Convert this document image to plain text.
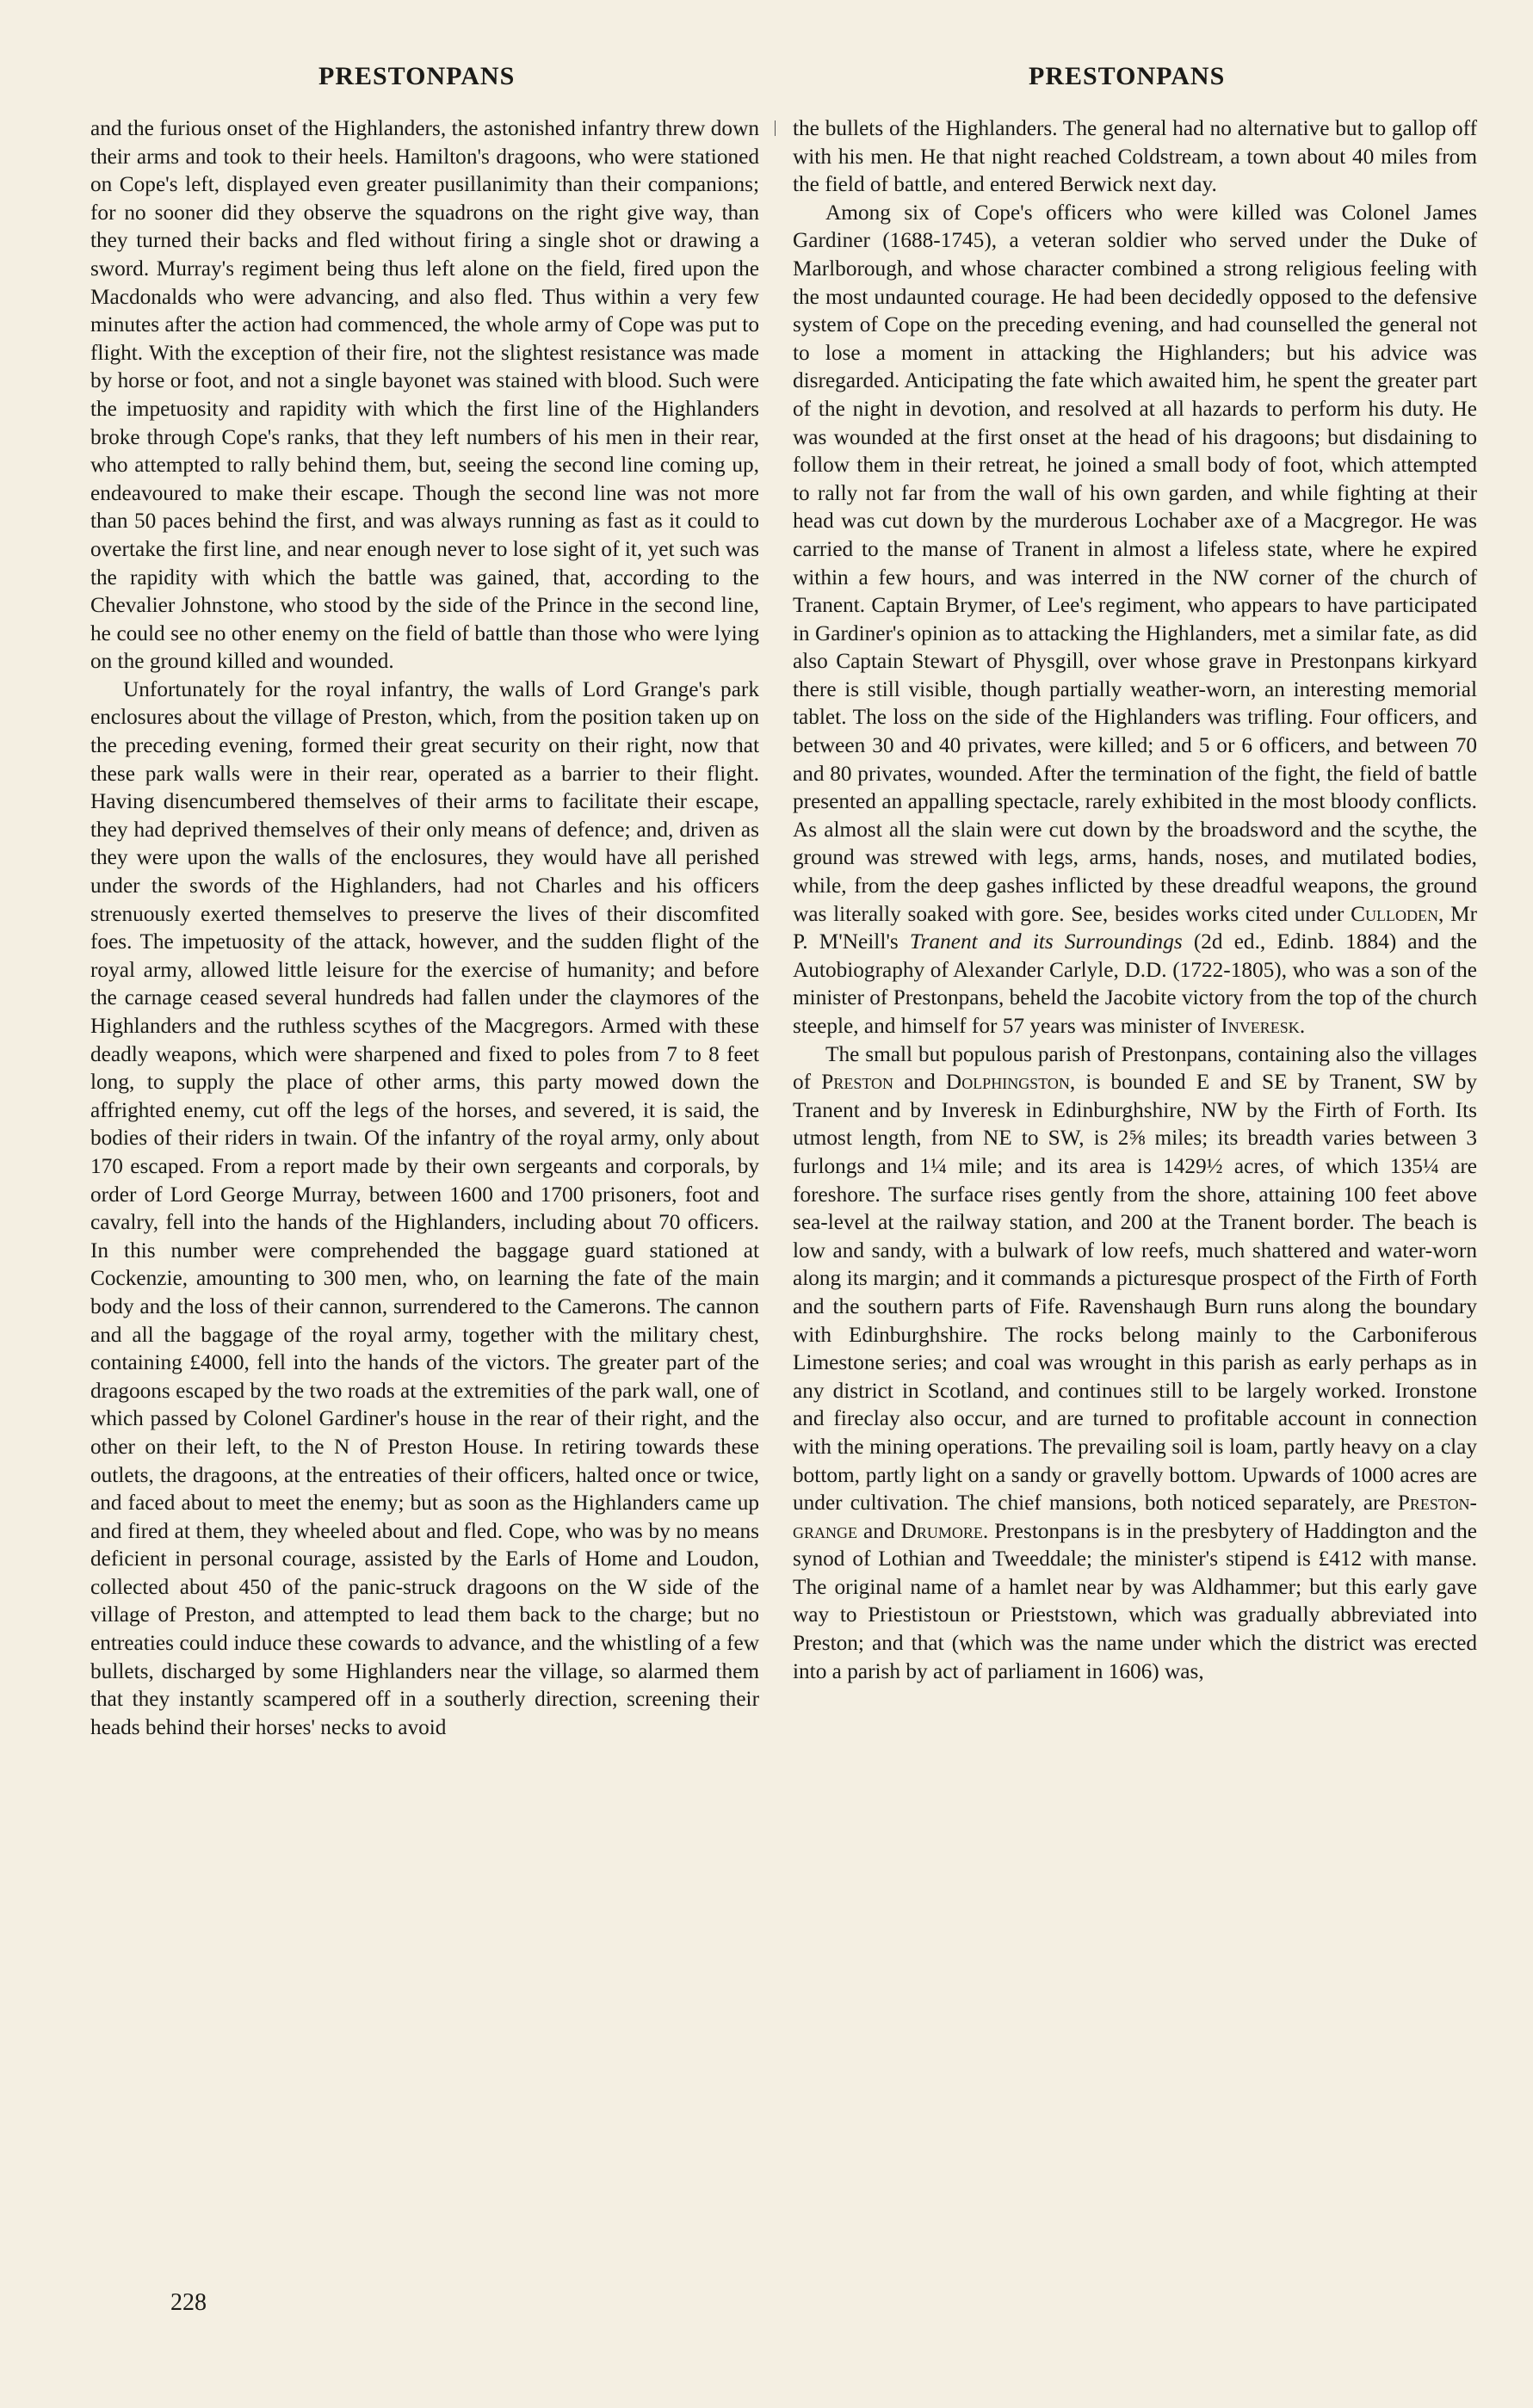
PRESTONPANS	PRESTONPANS

and the furious onset of the Highlanders, the astonished infantry threw down their arms and took to their heels. Hamilton's dragoons, who were stationed on Cope's left, displayed even greater pusillanimity than their companions; for no sooner did they observe the squadrons on the right give way, than they turned their backs and fled without firing a single shot or drawing a sword. Murray's regiment being thus left alone on the field, fired upon the Macdonalds who were advancing, and also fled. Thus within a very few minutes after the action had commenced, the whole army of Cope was put to flight. With the exception of their fire, not the slightest resistance was made by horse or foot, and not a single bayonet was stained with blood. Such were the impetuosity and rapidity with which the first line of the Highlanders broke through Cope's ranks, that they left numbers of his men in their rear, who attempted to rally behind them, but, seeing the second line coming up, endeavoured to make their escape. Though the second line was not more than 50 paces behind the first, and was always running as fast as it could to overtake the first line, and near enough never to lose sight of it, yet such was the rapidity with which the battle was gained, that, according to the Chevalier Johnstone, who stood by the side of the Prince in the second line, he could see no other enemy on the field of battle than those who were lying on the ground killed and wounded.

Unfortunately for the royal infantry, the walls of Lord Grange's park enclosures about the village of Preston, which, from the position taken up on the preceding evening, formed their great security on their right, now that these park walls were in their rear, operated as a barrier to their flight. Having disencumbered themselves of their arms to facilitate their escape, they had deprived themselves of their only means of defence; and, driven as they were upon the walls of the enclosures, they would have all perished under the swords of the Highlanders, had not Charles and his officers strenuously exerted themselves to preserve the lives of their discomfited foes. The impetuosity of the attack, however, and the sudden flight of the royal army, allowed little leisure for the exercise of humanity; and before the carnage ceased several hundreds had fallen under the claymores of the Highlanders and the ruthless scythes of the Macgregors. Armed with these deadly weapons, which were sharpened and fixed to poles from 7 to 8 feet long, to supply the place of other arms, this party mowed down the affrighted enemy, cut off the legs of the horses, and severed, it is said, the bodies of their riders in twain. Of the infantry of the royal army, only about 170 escaped. From a report made by their own sergeants and corporals, by order of Lord George Murray, between 1600 and 1700 prisoners, foot and cavalry, fell into the hands of the Highlanders, including about 70 officers. In this number were comprehended the baggage guard stationed at Cockenzie, amounting to 300 men, who, on learning the fate of the main body and the loss of their cannon, surrendered to the Camerons. The cannon and all the baggage of the royal army, together with the military chest, containing £4000, fell into the hands of the victors. The greater part of the dragoons escaped by the two roads at the extremities of the park wall, one of which passed by Colonel Gardiner's house in the rear of their right, and the other on their left, to the N of Preston House. In retiring towards these outlets, the dragoons, at the entreaties of their officers, halted once or twice, and faced about to meet the enemy; but as soon as the Highlanders came up and fired at them, they wheeled about and fled. Cope, who was by no means deficient in personal courage, assisted by the Earls of Home and Loudon, collected about 450 of the panic-struck dragoons on the W side of the village of Preston, and attempted to lead them back to the charge; but no entreaties could induce these cowards to advance, and the whistling of a few bullets, discharged by some Highlanders near the village, so alarmed them that they instantly scampered off in a southerly direction, screening their heads behind their horses' necks to avoid

the bullets of the Highlanders. The general had no alternative but to gallop off with his men. He that night reached Coldstream, a town about 40 miles from the field of battle, and entered Berwick next day.

Among six of Cope's officers who were killed was Colonel James Gardiner (1688-1745), a veteran soldier who served under the Duke of Marlborough, and whose character combined a strong religious feeling with the most undaunted courage. He had been decidedly opposed to the defensive system of Cope on the preceding evening, and had counselled the general not to lose a moment in attacking the Highlanders; but his advice was disregarded. Anticipating the fate which awaited him, he spent the greater part of the night in devotion, and resolved at all hazards to perform his duty. He was wounded at the first onset at the head of his dragoons; but disdaining to follow them in their retreat, he joined a small body of foot, which attempted to rally not far from the wall of his own garden, and while fighting at their head was cut down by the murderous Lochaber axe of a Macgregor. He was carried to the manse of Tranent in almost a lifeless state, where he expired within a few hours, and was interred in the NW corner of the church of Tranent. Captain Brymer, of Lee's regiment, who appears to have participated in Gardiner's opinion as to attacking the Highlanders, met a similar fate, as did also Captain Stewart of Physgill, over whose grave in Prestonpans kirkyard there is still visible, though partially weather-worn, an interesting memorial tablet. The loss on the side of the Highlanders was trifling. Four officers, and between 30 and 40 privates, were killed; and 5 or 6 officers, and between 70 and 80 privates, wounded. After the termination of the fight, the field of battle presented an appalling spectacle, rarely exhibited in the most bloody conflicts. As almost all the slain were cut down by the broadsword and the scythe, the ground was strewed with legs, arms, hands, noses, and mutilated bodies, while, from the deep gashes inflicted by these dreadful weapons, the ground was literally soaked with gore. See, besides works cited under Culloden, Mr P. M'Neill's Tranent and its Surroundings (2d ed., Edinb. 1884) and the Autobiography of Alexander Carlyle, D.D. (1722-1805), who was a son of the minister of Prestonpans, beheld the Jacobite victory from the top of the church steeple, and himself for 57 years was minister of Inveresk.

The small but populous parish of Prestonpans, containing also the villages of Preston and Dolphingston, is bounded E and SE by Tranent, SW by Tranent and by Inveresk in Edinburghshire, NW by the Firth of Forth. Its utmost length, from NE to SW, is 2⅝ miles; its breadth varies between 3 furlongs and 1¼ mile; and its area is 1429½ acres, of which 135¼ are foreshore. The surface rises gently from the shore, attaining 100 feet above sea-level at the railway station, and 200 at the Tranent border. The beach is low and sandy, with a bulwark of low reefs, much shattered and water-worn along its margin; and it commands a picturesque prospect of the Firth of Forth and the southern parts of Fife. Ravenshaugh Burn runs along the boundary with Edinburghshire. The rocks belong mainly to the Carboniferous Limestone series; and coal was wrought in this parish as early perhaps as in any district in Scotland, and continues still to be largely worked. Ironstone and fireclay also occur, and are turned to profitable account in connection with the mining operations. The prevailing soil is loam, partly heavy on a clay bottom, partly light on a sandy or gravelly bottom. Upwards of 1000 acres are under cultivation. The chief mansions, both noticed separately, are Preston-grange and Drumore. Prestonpans is in the presbytery of Haddington and the synod of Lothian and Tweeddale; the minister's stipend is £412 with manse. The original name of a hamlet near by was Aldhammer; but this early gave way to Priestistoun or Prieststown, which was gradually abbreviated into Preston; and that (which was the name under which the district was erected into a parish by act of parliament in 1606) was,

228
